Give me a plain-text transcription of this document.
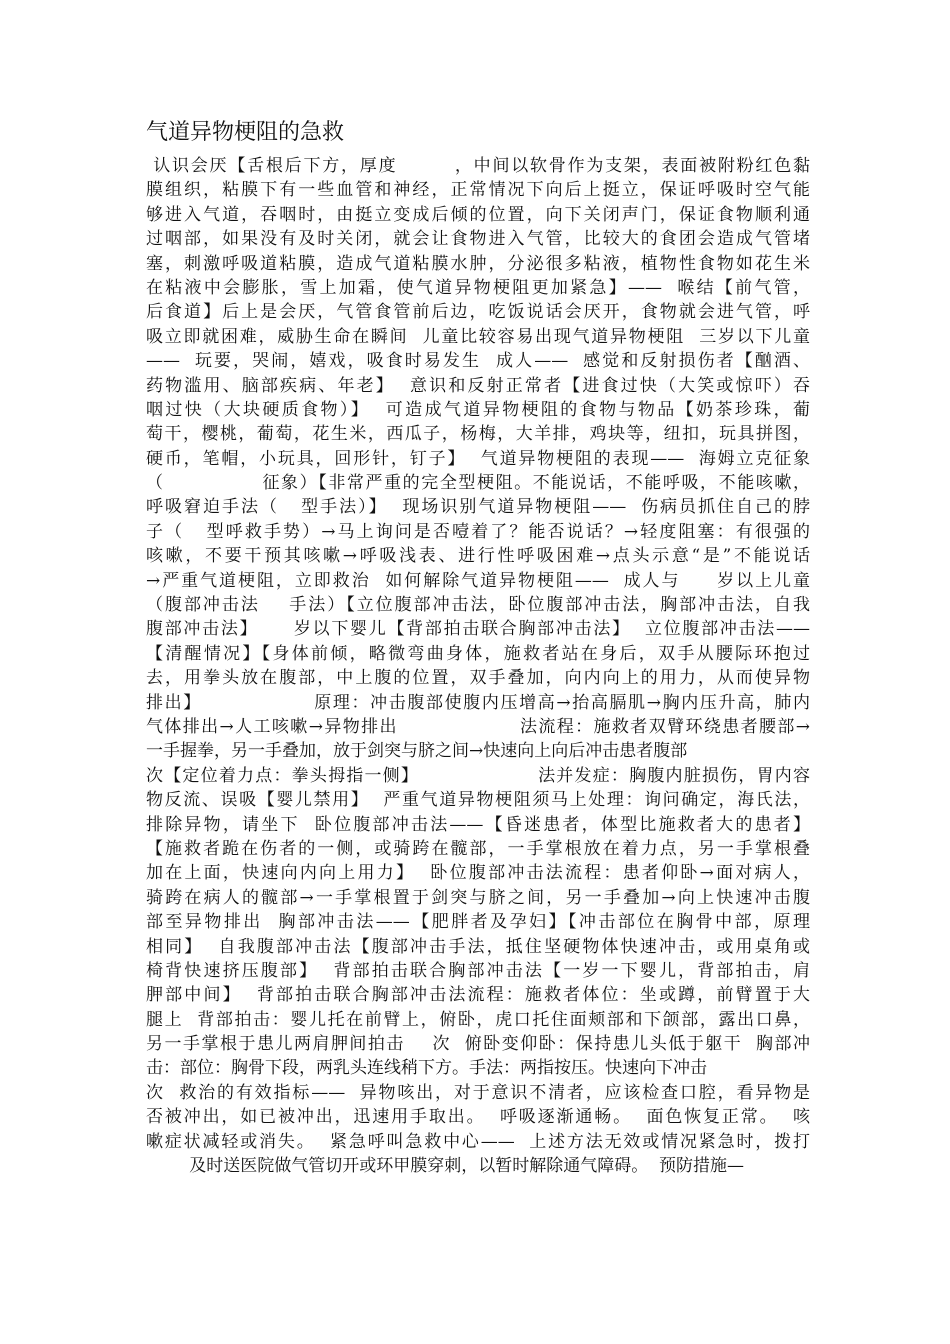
气道异物梗阻的急救
认识会厌【舌根后下方，厚度        ，中间以软骨作为支架，表面被附粉红色黏
膜组织，粘膜下有一些血管和神经，正常情况下向后上挺立，保证呼吸时空气能
够进入气道，吞咽时，由挺立变成后倾的位置，向下关闭声门，保证食物顺利通
过咽部，如果没有及时关闭，就会让食物进入气管，比较大的食团会造成气管堵
塞，刺激呼吸道粘膜，造成气道粘膜水肿，分泌很多粘液，植物性食物如花生米
在粘液中会膨胀，雪上加霜，使气道异物梗阻更加紧急】——  喉结【前气管，
后食道】后上是会厌，气管食管前后边，吃饭说话会厌开，食物就会进气管，呼
吸立即就困难，威胁生命在瞬间  儿童比较容易出现气道异物梗阻  三岁以下儿童
——  玩要，哭闹，嬉戏，吸食时易发生  成人——  感觉和反射损伤者【酗酒、
药物滥用、脑部疾病、年老】  意识和反射正常者【进食过快（大笑或惊吓）吞
咽过快（大块硬质食物）】  可造成气道异物梗阻的食物与物品【奶茶珍珠，葡
萄干，樱桃，葡萄，花生米，西瓜子，杨梅，大羊排，鸡块等，纽扣，玩具拼图，
硬币，笔帽，小玩具，回形针，钉子】  气道异物梗阻的表现——  海姆立克征象
（              征象）【非常严重的完全型梗阻。不能说话，不能呼吸，不能咳嗽，
呼吸窘迫手法（   型手法）】  现场识别气道异物梗阻——  伤病员抓住自己的脖
子（   型呼救手势）→马上询问是否噎着了？能否说话？→轻度阻塞：有很强的
咳嗽，不要干预其咳嗽→呼吸浅表、进行性呼吸困难→点头示意“是”不能说话
→严重气道梗阻，立即救治  如何解除气道异物梗阻——  成人与     岁以上儿童
（腹部冲击法    手法）【立位腹部冲击法，卧位腹部冲击法，胸部冲击法，自我
腹部冲击法】     岁以下婴儿【背部拍击联合胸部冲击法】  立位腹部冲击法——
【清醒情况】【身体前倾，略微弯曲身体，施救者站在身后，双手从腰际环抱过
去，用拳头放在腹部，中上腹的位置，双手叠加，向内向上的用力，从而使异物
排出】                原理：冲击腹部使腹内压增高→抬高膈肌→胸内压升高，肺内
气体排出→人工咳嗽→异物排出                  法流程：施救者双臂环绕患者腰部→
一手握拳，另一手叠加，放于剑突与脐之间→快速向上向后冲击患者腹部
次【定位着力点：拳头拇指一侧】                  法并发症：胸腹内脏损伤，胃内容
物反流、误吸【婴儿禁用】  严重气道异物梗阻须马上处理：询问确定，海氏法，
排除异物，请坐下  卧位腹部冲击法——【昏迷患者，体型比施救者大的患者】
【施救者跪在伤者的一侧，或骑跨在髋部，一手掌根放在着力点，另一手掌根叠
加在上面，快速向内向上用力】  卧位腹部冲击法流程：患者仰卧→面对病人，
骑跨在病人的髋部→一手掌根置于剑突与脐之间，另一手叠加→向上快速冲击腹
部至异物排出  胸部冲击法——【肥胖者及孕妇】【冲击部位在胸骨中部，原理
相同】  自我腹部冲击法【腹部冲击手法，抵住坚硬物体快速冲击，或用桌角或
椅背快速挤压腹部】  背部拍击联合胸部冲击法【一岁一下婴儿，背部拍击，肩
胛部中间】  背部拍击联合胸部冲击法流程：施救者体位：坐或蹲，前臂置于大
腿上  背部拍击：婴儿托在前臂上，俯卧，虎口托住面颊部和下颌部，露出口鼻，
另一手掌根于患儿两肩胛间拍击    次  俯卧变仰卧：保持患儿头低于躯干  胸部冲
击：部位：胸骨下段，两乳头连线稍下方。手法：两指按压。快速向下冲击
次  救治的有效指标——  异物咳出，对于意识不清者，应该检查口腔，看异物是
否被冲出，如已被冲出，迅速用手取出。  呼吸逐渐通畅。  面色恢复正常。  咳
嗽症状减轻或消失。  紧急呼叫急救中心——  上述方法无效或情况紧急时，拨打
及时送医院做气管切开或环甲膜穿刺，以暂时解除通气障碍。  预防措施—
